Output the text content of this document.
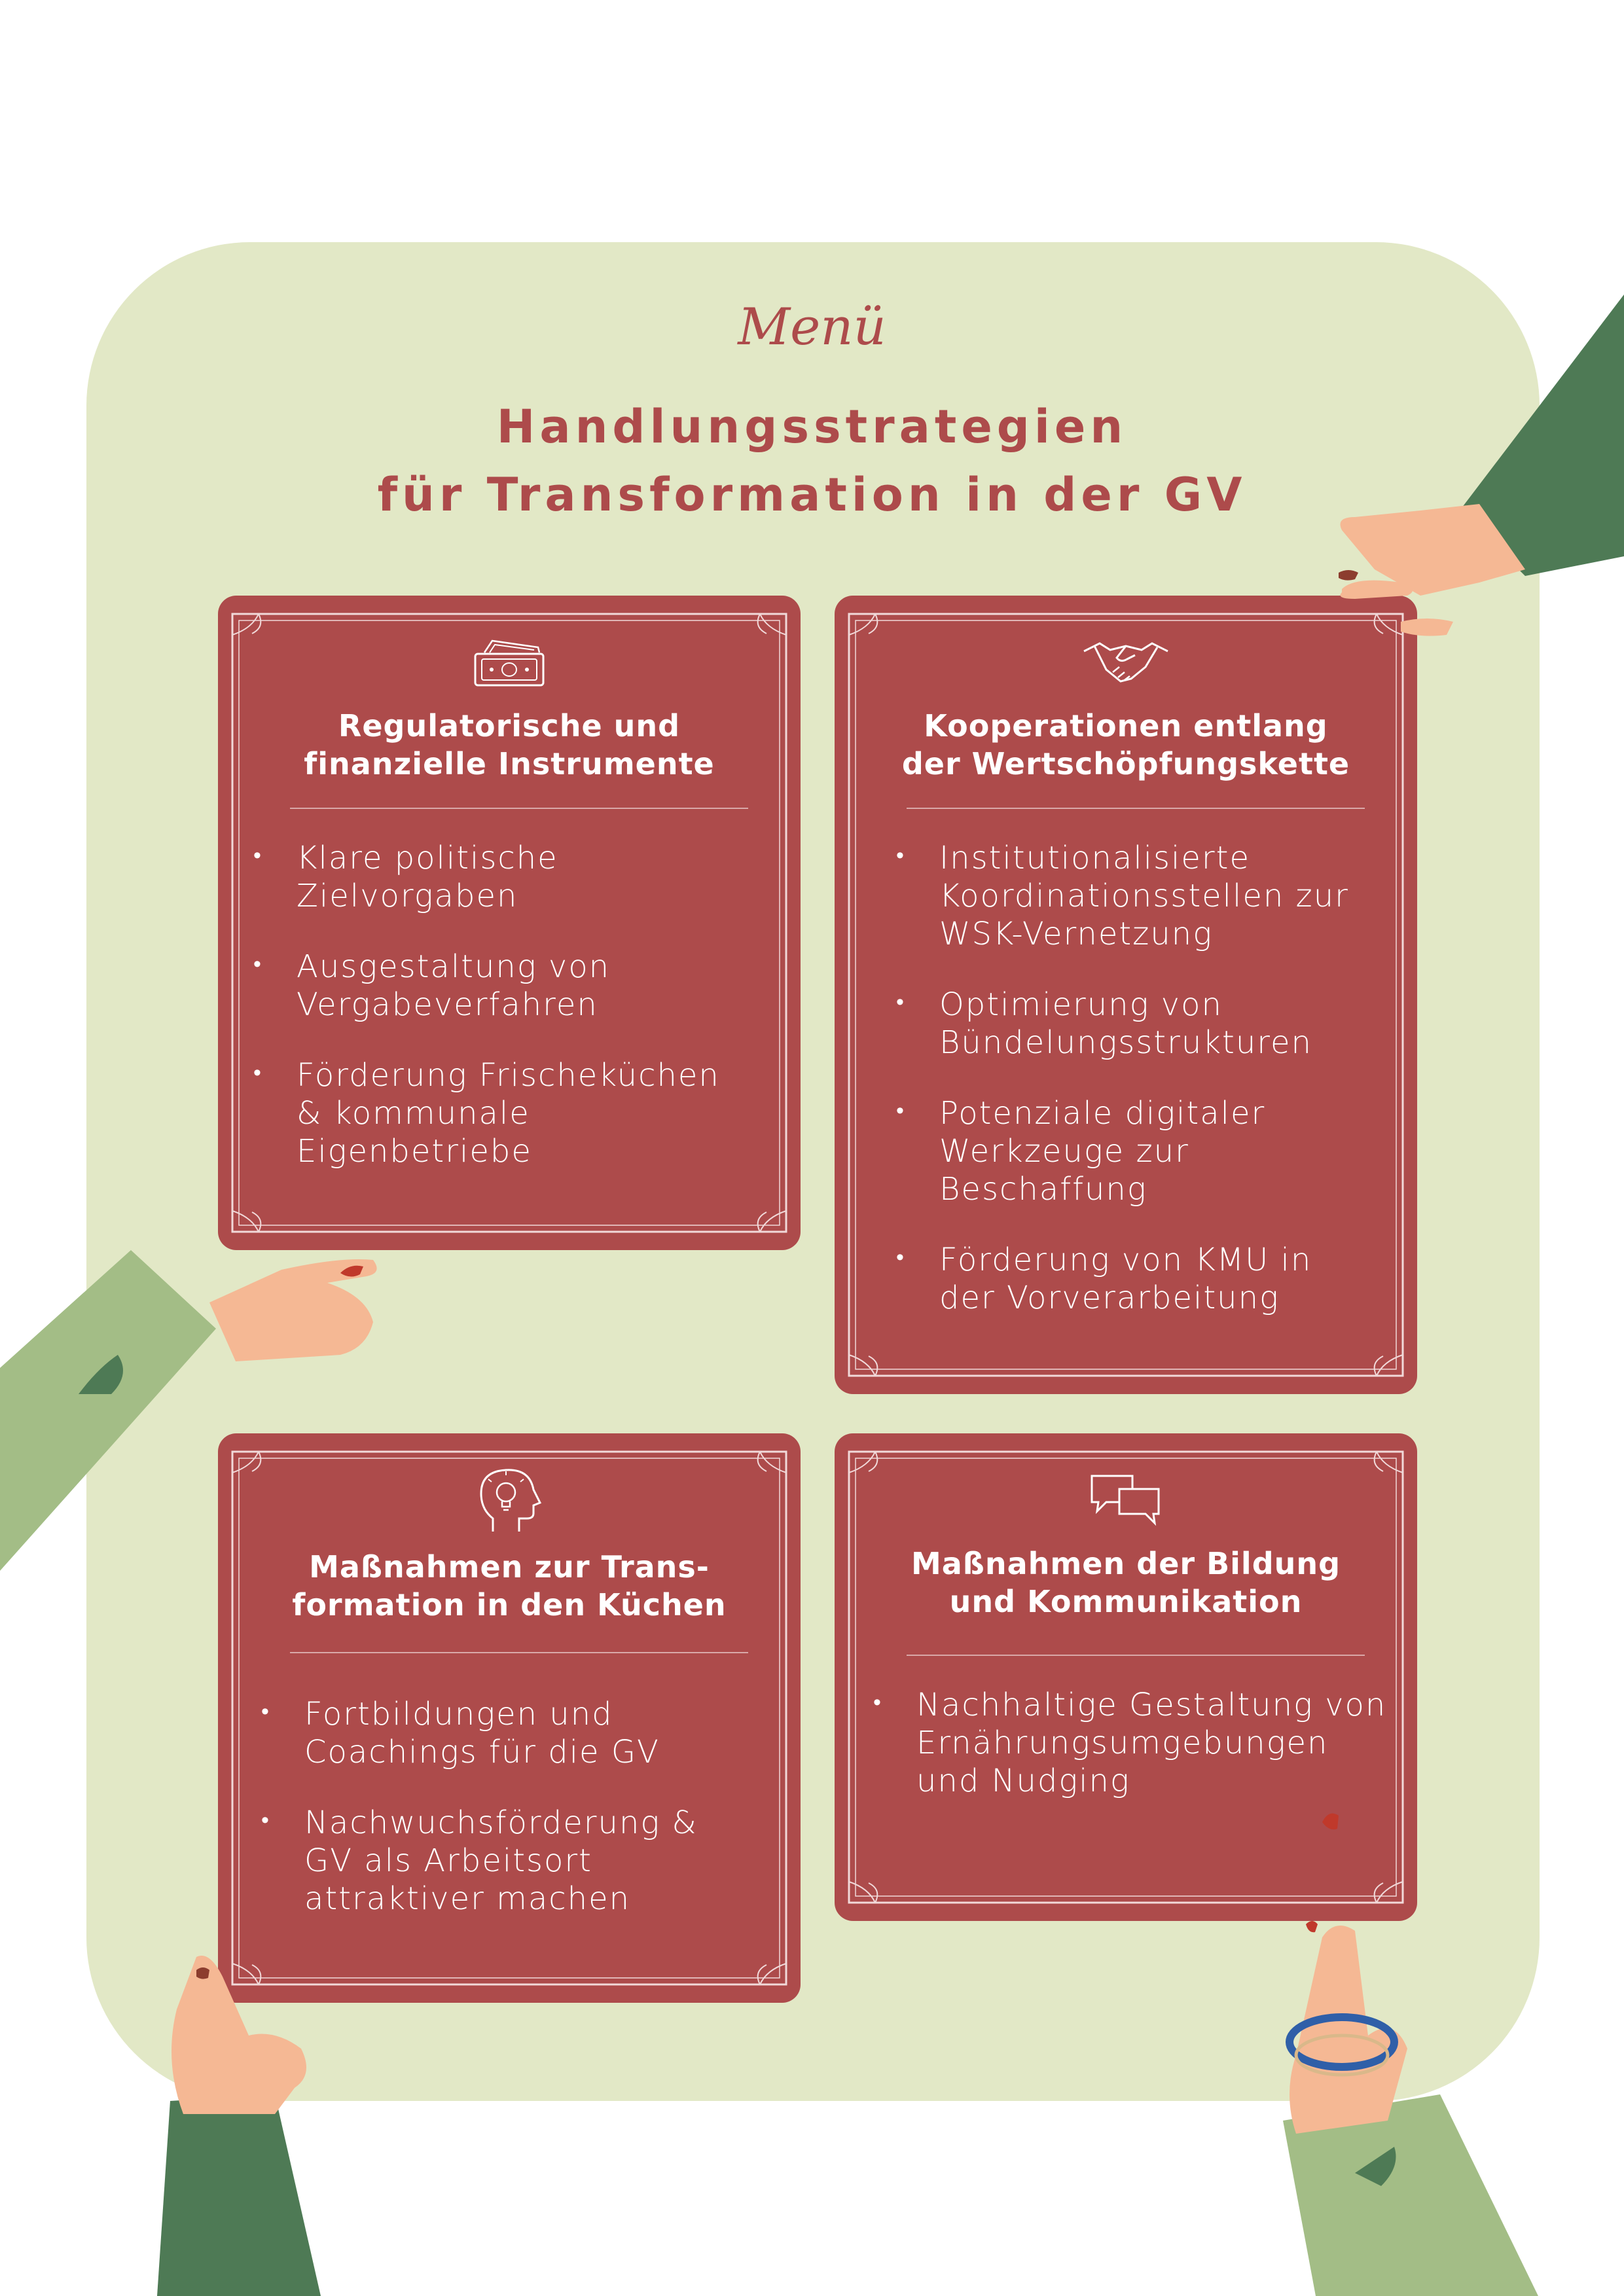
Menü
Handlungsstrategien
für Transformation in der GV
Regulatorische und
finanzielle Instrumente
• Klare politische
Zielvorgaben
• Ausgestaltung von
Vergabeverfahren
• Förderung Frischeküchen
& kommunale
Eigenbetriebe
Kooperationen entlang
der Wertschöpfungskette
• Institutionalisierte
Koordinationsstellen zur
WSK-Vernetzung
• Optimierung von
Bündelungsstrukturen
• Potenziale digitaler
Werkzeuge zur
Beschaffung
• Förderung von KMU in
der Vorverarbeitung
Maßnahmen zur Trans-
formation in den Küchen
• Fortbildungen und
Coachings für die GV
• Nachwuchsförderung &
GV als Arbeitsort
attraktiver machen
Maßnahmen der Bildung
und Kommunikation
• Nachhaltige Gestaltung von
Ernährungsumgebungen
und Nudging
